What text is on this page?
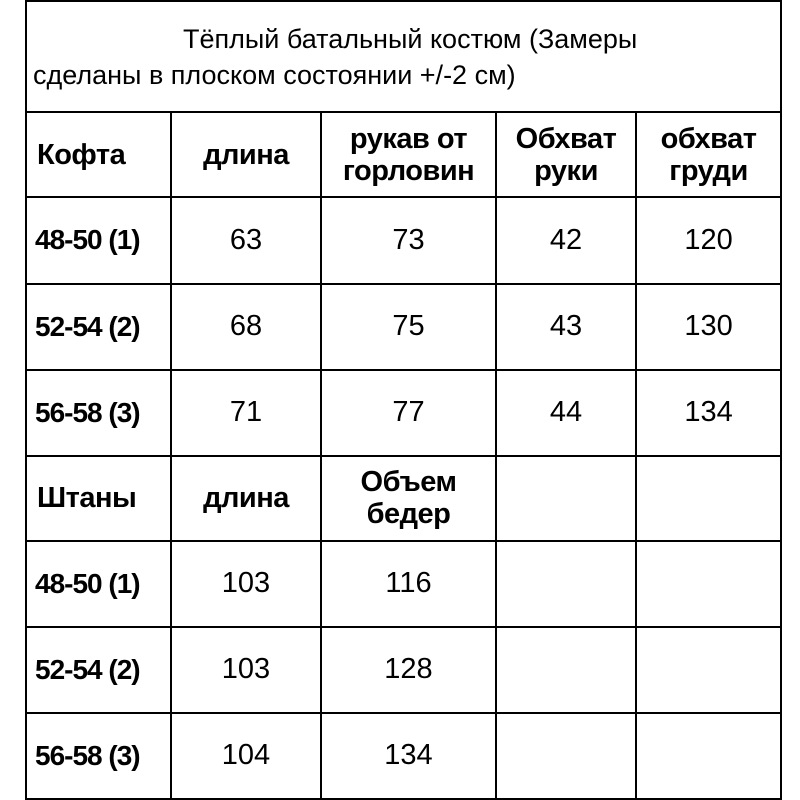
Тёплый батальный костюм (Замеры
сделаны в плоском состоянии +/-2 см)				

Кофта	длина	рукав от горловин	Обхват руки	обхват груди
48-50 (1)	63	73	42	120
52-54 (2)	68	75	43	130
56-58 (3)	71	77	44	134
Штаны	длина	Объем бедер		
48-50 (1)	103	116		
52-54 (2)	103	128		
56-58 (3)	104	134		
